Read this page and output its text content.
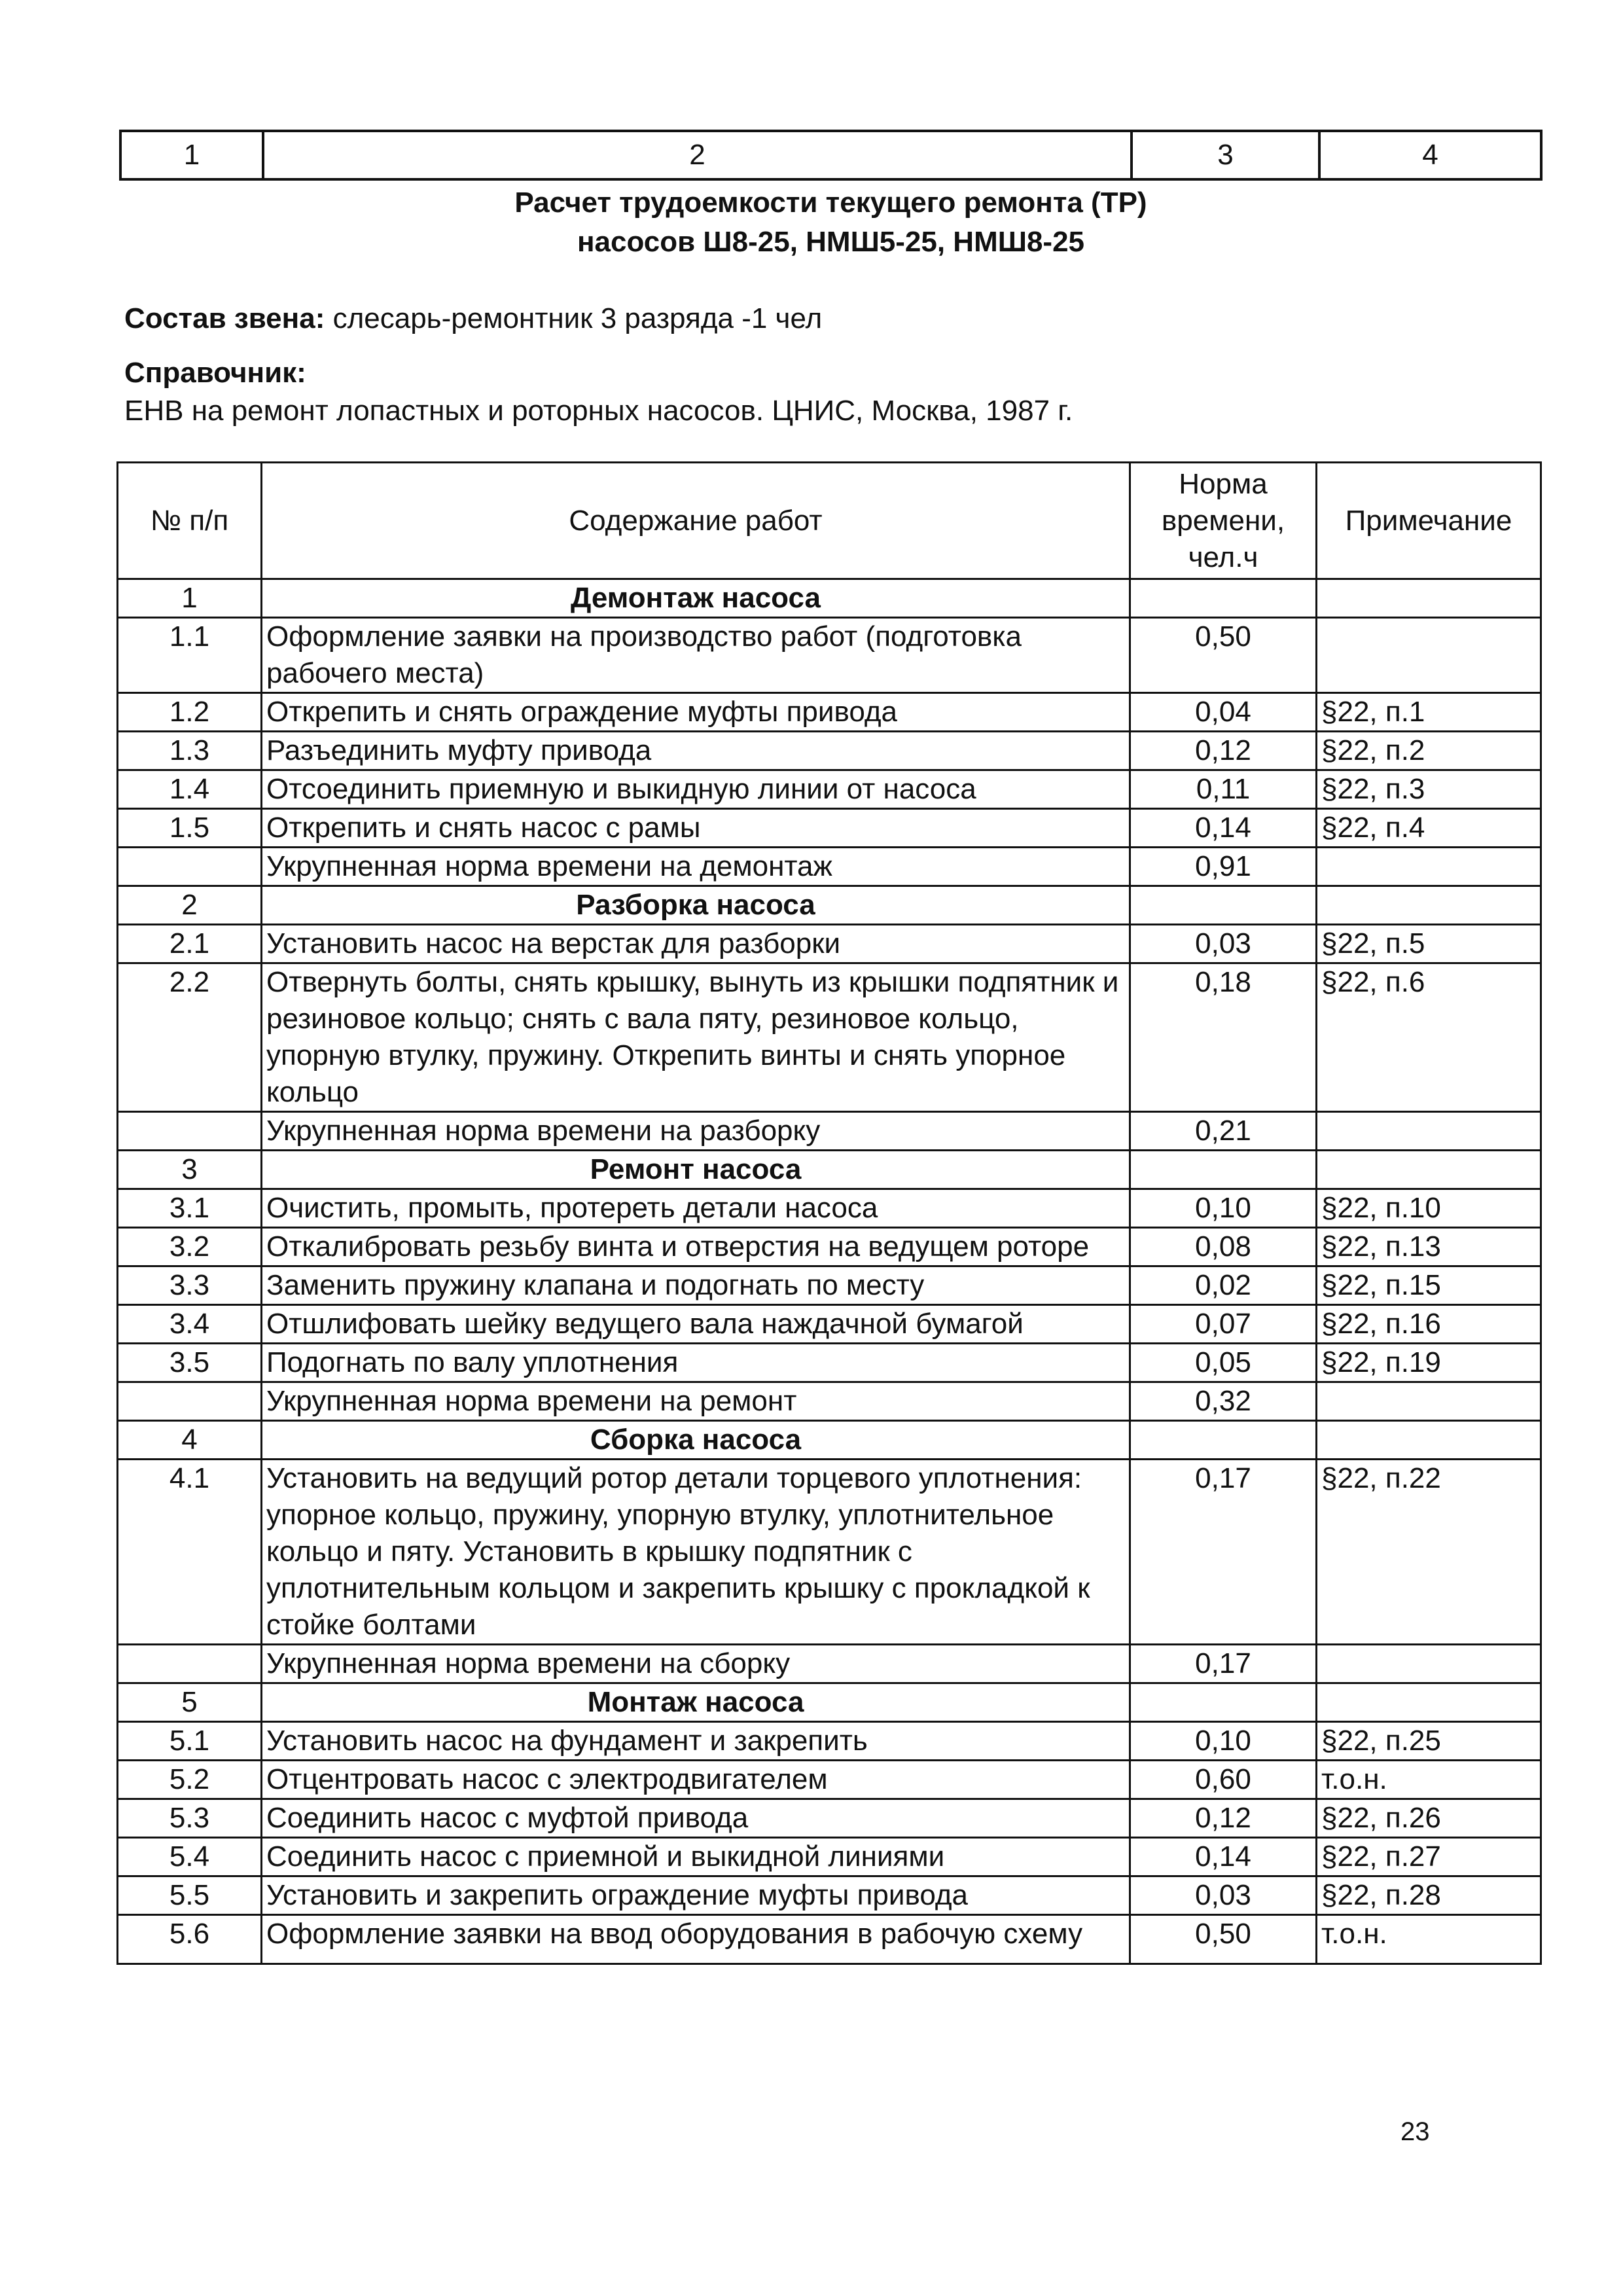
1	2	3	4
Расчет трудоемкости текущего ремонта (ТР)
насосов Ш8-25, НМШ5-25, НМШ8-25
Состав звена: слесарь-ремонтник 3 разряда -1 чел
Справочник:
ЕНВ на ремонт лопастных и роторных насосов. ЦНИС, Москва, 1987 г.
№ п/п	Содержание работ	Норма времени, чел.ч	Примечание
1	Демонтаж насоса		
1.1	Оформление заявки на производство работ (подготовка рабочего места)	0,50	
1.2	Открепить и снять ограждение муфты привода	0,04	§22, п.1
1.3	Разъединить муфту привода	0,12	§22, п.2
1.4	Отсоединить приемную и выкидную линии от насоса	0,11	§22, п.3
1.5	Открепить и снять насос с рамы	0,14	§22, п.4
	Укрупненная норма времени на демонтаж	0,91	
2	Разборка насоса		
2.1	Установить насос на верстак для разборки	0,03	§22, п.5
2.2	Отвернуть болты, снять крышку, вынуть из крышки подпятник и резиновое кольцо; снять с вала пяту, резиновое кольцо, упорную втулку, пружину. Открепить винты и снять упорное кольцо	0,18	§22, п.6
	Укрупненная норма времени на разборку	0,21	
3	Ремонт насоса		
3.1	Очистить, промыть, протереть детали насоса	0,10	§22, п.10
3.2	Откалибровать резьбу винта и отверстия на ведущем роторе	0,08	§22, п.13
3.3	Заменить пружину клапана и подогнать по месту	0,02	§22, п.15
3.4	Отшлифовать шейку ведущего вала наждачной бумагой	0,07	§22, п.16
3.5	Подогнать по валу уплотнения	0,05	§22, п.19
	Укрупненная норма времени на ремонт	0,32	
4	Сборка насоса		
4.1	Установить на ведущий ротор детали торцевого уплотнения: упорное кольцо, пружину, упорную втулку, уплотнительное кольцо и пяту. Установить в крышку подпятник с уплотнительным кольцом и закрепить крышку с прокладкой к стойке болтами	0,17	§22, п.22
	Укрупненная норма времени на сборку	0,17	
5	Монтаж насоса		
5.1	Установить насос на фундамент и закрепить	0,10	§22, п.25
5.2	Отцентровать насос с электродвигателем	0,60	т.о.н.
5.3	Соединить насос с муфтой привода	0,12	§22, п.26
5.4	Соединить насос с приемной и выкидной линиями	0,14	§22, п.27
5.5	Установить и закрепить ограждение муфты привода	0,03	§22, п.28
5.6	Оформление заявки на ввод оборудования в рабочую схему	0,50	т.о.н.
23
